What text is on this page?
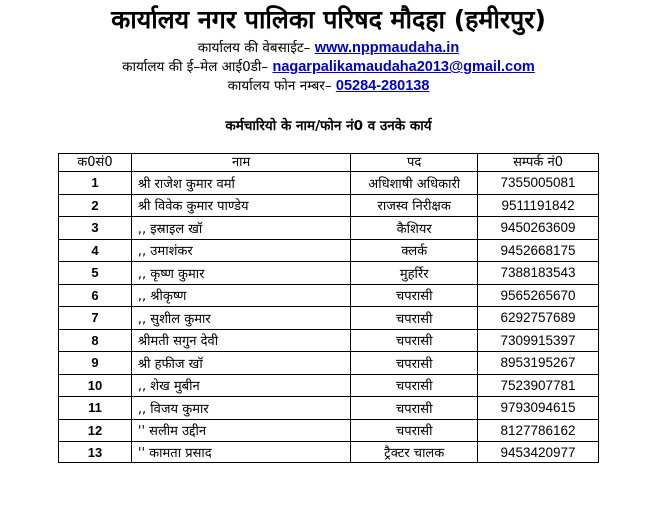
कार्यालय नगर पालिका परिषद मौदहा (हमीरपुर)
कार्यालय की वेबसाईट– www.nppmaudaha.in
कार्यालय की ई–मेल आई0डी– nagarpalikamaudaha2013@gmail.com
कार्यालय फोन नम्बर– 05284-280138
कर्मचारियो के नाम/फोन नं0 व उनके कार्य
क0सं0	नाम	पद	सम्पर्क नं0
1	श्री राजेश कुमार वर्मा	अधिशाषी अधिकारी	7355005081
2	श्री विवेक कुमार पाण्डेय	राजस्व निरीक्षक	9511191842
3	,, इस्राइल खॉ	कैशियर	9450263609
4	,, उमाशंकर	क्लर्क	9452668175
5	,, कृष्ण कुमार	मुहर्रिर	7388183543
6	,, श्रीकृष्ण	चपरासी	9565265670
7	,, सुशील कुमार	चपरासी	6292757689
8	श्रीमती सगुन देवी	चपरासी	7309915397
9	श्री हफीज खॉ	चपरासी	8953195267
10	,, शेख मुबीन	चपरासी	7523907781
11	,, विजय कुमार	चपरासी	9793094615
12	'' सलीम उद्दीन	चपरासी	8127786162
13	'' कामता प्रसाद	ट्रैक्टर चालक	9453420977
